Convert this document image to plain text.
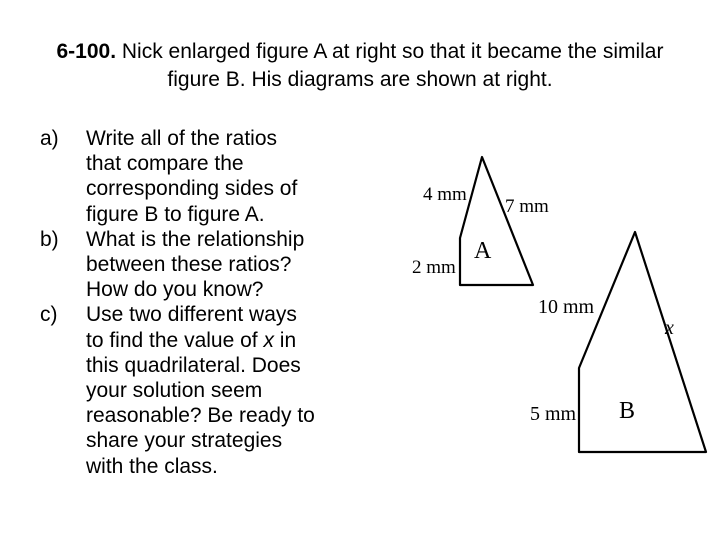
6-100. Nick enlarged figure A at right so that it became the similar figure B. His diagrams are shown at right.
a)	Write all of the ratios
that compare the
corresponding sides of
figure B to figure A.
b)	What is the relationship
between these ratios?
How do you know?
c)	Use two different ways
to find the value of x in
this quadrilateral. Does
your solution seem
reasonable? Be ready to
share your strategies
with the class.
4 mm
7 mm
2 mm
A
10 mm
x
5 mm B
